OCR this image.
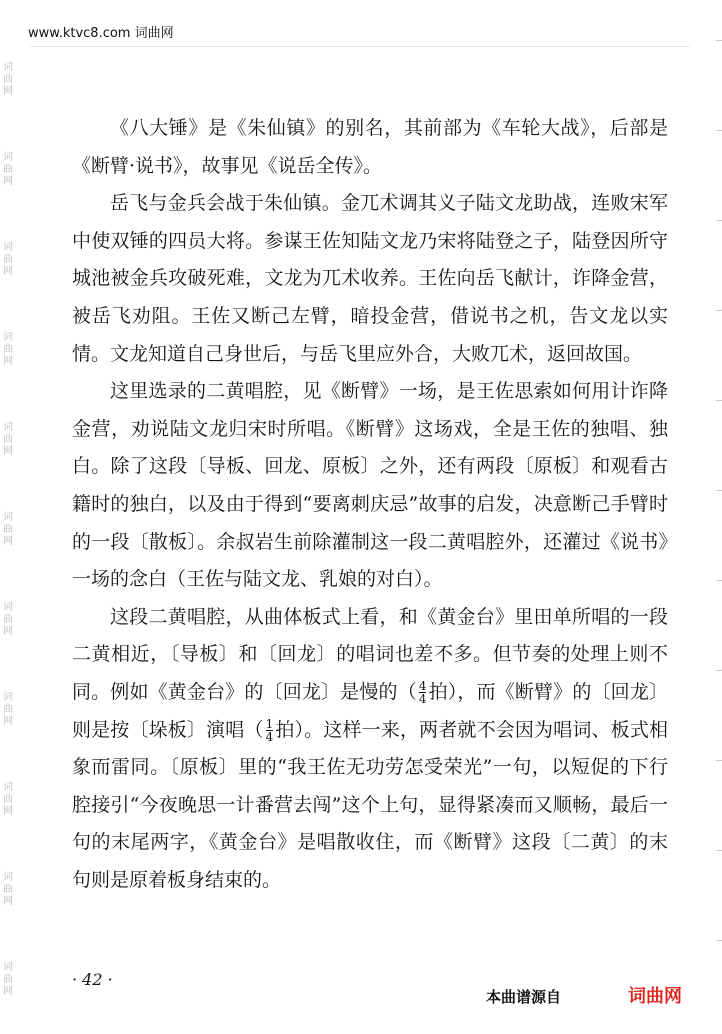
www.ktvc8.com 词曲网
词曲网
词曲网
词曲网
词曲网
词曲网
词曲网
词曲网
词曲网
词曲网
词曲网
词曲网

《八大锤》是《朱仙镇》的别名，其前部为《车轮大战》，后部是《断臂·说书》，故事见《说岳全传》。

岳飞与金兵会战于朱仙镇。金兀术调其义子陆文龙助战，连败宋军中使双锤的四员大将。参谋王佐知陆文龙乃宋将陆登之子，陆登因所守城池被金兵攻破死难，文龙为兀术收养。王佐向岳飞献计，诈降金营，被岳飞劝阻。王佐又断己左臂，暗投金营，借说书之机，告文龙以实情。文龙知道自己身世后，与岳飞里应外合，大败兀术，返回故国。

这里选录的二黄唱腔，见《断臂》一场，是王佐思索如何用计诈降金营，劝说陆文龙归宋时所唱。《断臂》这场戏，全是王佐的独唱、独白。除了这段〔导板、回龙、原板〕之外，还有两段〔原板〕和观看古籍时的独白，以及由于得到“要离刺庆忌”故事的启发，决意断己手臂时的一段〔散板〕。余叔岩生前除灌制这一段二黄唱腔外，还灌过《说书》一场的念白（王佐与陆文龙、乳娘的对白）。

这段二黄唱腔，从曲体板式上看，和《黄金台》里田单所唱的一段二黄相近，〔导板〕和〔回龙〕的唱词也差不多。但节奏的处理上则不同。例如《黄金台》的〔回龙〕是慢的（ $\frac{4}{4}$ 拍），而《断臂》的〔回龙〕则是按〔垛板〕演唱（ $\frac{1}{4}$ 拍）。这样一来，两者就不会因为唱词、板式相象而雷同。〔原板〕里的“我王佐无功劳怎受荣光”一句，以短促的下行腔接引“今夜晚思一计番营去闯”这个上句，显得紧凑而又顺畅，最后一句的末尾两字，《黄金台》是唱散收住，而《断臂》这段〔二黄〕的末句则是原着板身结束的。

· 42 ·
本曲谱源自	词曲网
